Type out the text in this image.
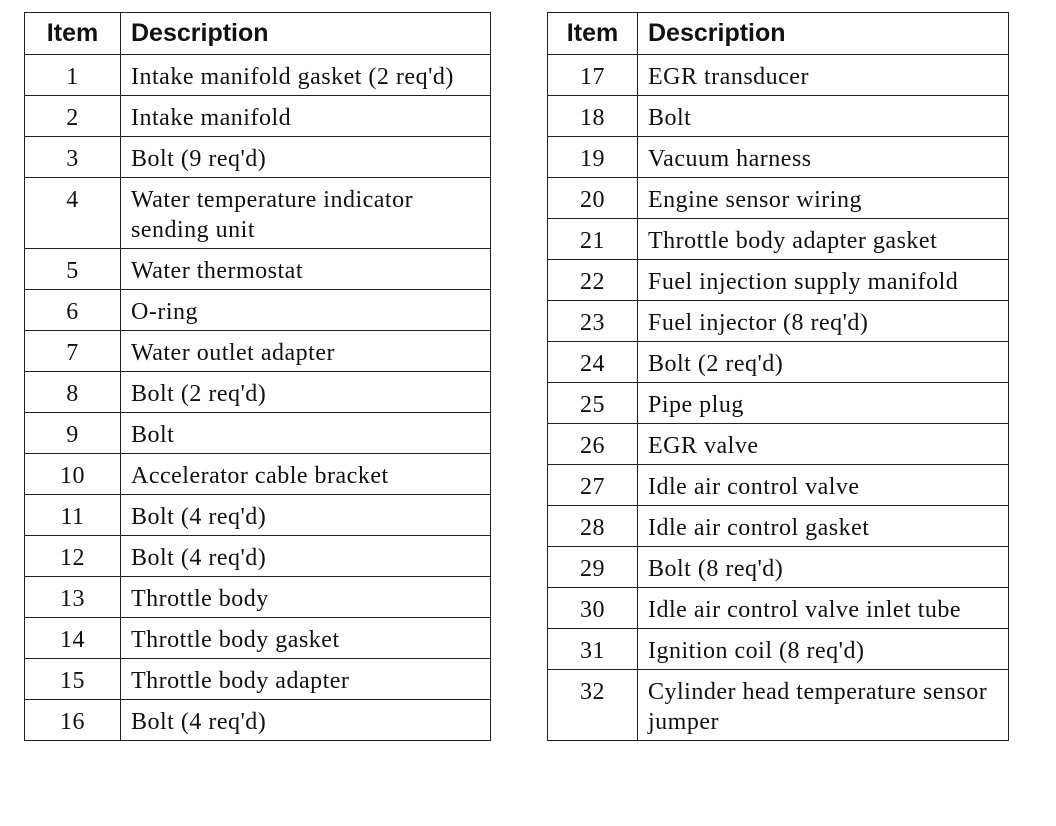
Item	Description
1	Intake manifold gasket (2 req'd)
2	Intake manifold
3	Bolt (9 req'd)
4	Water temperature indicator sending unit
5	Water thermostat
6	O-ring
7	Water outlet adapter
8	Bolt (2 req'd)
9	Bolt
10	Accelerator cable bracket
11	Bolt (4 req'd)
12	Bolt (4 req'd)
13	Throttle body
14	Throttle body gasket
15	Throttle body adapter
16	Bolt (4 req'd)
Item	Description
17	EGR transducer
18	Bolt
19	Vacuum harness
20	Engine sensor wiring
21	Throttle body adapter gasket
22	Fuel injection supply manifold
23	Fuel injector (8 req'd)
24	Bolt (2 req'd)
25	Pipe plug
26	EGR valve
27	Idle air control valve
28	Idle air control gasket
29	Bolt (8 req'd)
30	Idle air control valve inlet tube
31	Ignition coil (8 req'd)
32	Cylinder head temperature sensor jumper
